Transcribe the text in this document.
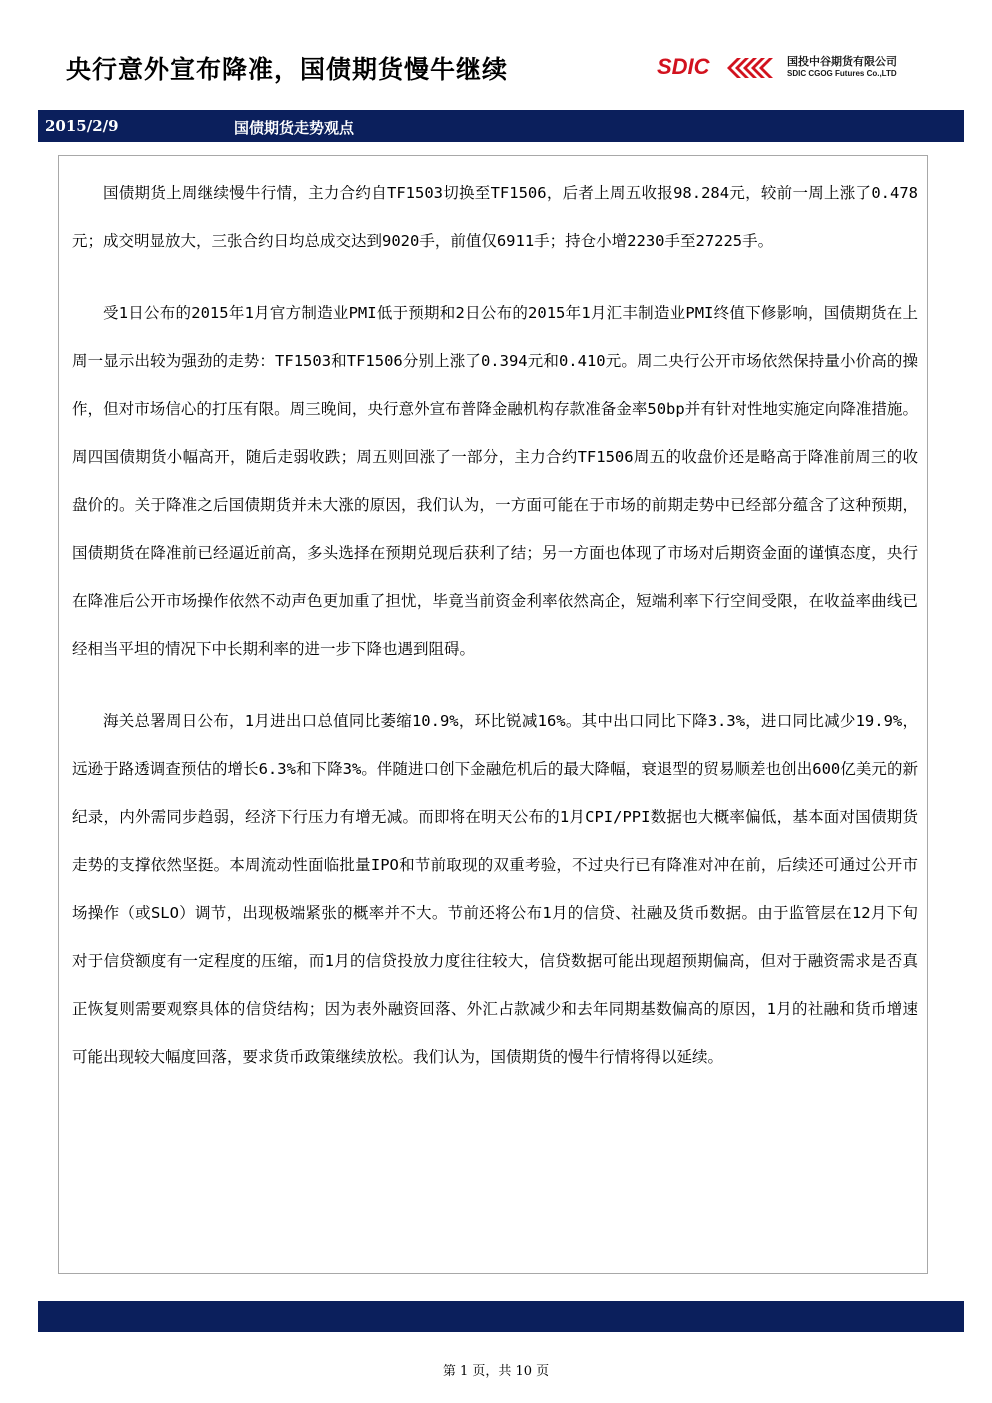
央行意外宣布降准，国债期货慢牛继续	SDIC	国投中谷期货有限公司
SDIC CGOG Futures Co.,LTD
2015/2/9	国债期货走势观点

国债期货上周继续慢牛行情，主力合约自TF1503切换至TF1506，后者上周五收报98.284元，较前一周上涨了0.478元；成交明显放大，三张合约日均总成交达到9020手，前值仅6911手；持仓小增2230手至27225手。

受1日公布的2015年1月官方制造业PMI低于预期和2日公布的2015年1月汇丰制造业PMI终值下修影响，国债期货在上周一显示出较为强劲的走势：TF1503和TF1506分别上涨了0.394元和0.410元。周二央行公开市场依然保持量小价高的操作，但对市场信心的打压有限。周三晚间，央行意外宣布普降金融机构存款准备金率50bp并有针对性地实施定向降准措施。周四国债期货小幅高开，随后走弱收跌；周五则回涨了一部分，主力合约TF1506周五的收盘价还是略高于降准前周三的收盘价的。关于降准之后国债期货并未大涨的原因，我们认为，一方面可能在于市场的前期走势中已经部分蕴含了这种预期，国债期货在降准前已经逼近前高，多头选择在预期兑现后获利了结；另一方面也体现了市场对后期资金面的谨慎态度，央行在降准后公开市场操作依然不动声色更加重了担忧，毕竟当前资金利率依然高企，短端利率下行空间受限，在收益率曲线已经相当平坦的情况下中长期利率的进一步下降也遇到阻碍。

海关总署周日公布，1月进出口总值同比萎缩10.9%，环比锐减16%。其中出口同比下降3.3%，进口同比减少19.9%，远逊于路透调查预估的增长6.3%和下降3%。伴随进口创下金融危机后的最大降幅，衰退型的贸易顺差也创出600亿美元的新纪录，内外需同步趋弱，经济下行压力有增无减。而即将在明天公布的1月CPI/PPI数据也大概率偏低，基本面对国债期货走势的支撑依然坚挺。本周流动性面临批量IPO和节前取现的双重考验，不过央行已有降准对冲在前，后续还可通过公开市场操作（或SLO）调节，出现极端紧张的概率并不大。节前还将公布1月的信贷、社融及货币数据。由于监管层在12月下旬对于信贷额度有一定程度的压缩，而1月的信贷投放力度往往较大，信贷数据可能出现超预期偏高，但对于融资需求是否真正恢复则需要观察具体的信贷结构；因为表外融资回落、外汇占款减少和去年同期基数偏高的原因，1月的社融和货币增速可能出现较大幅度回落，要求货币政策继续放松。我们认为，国债期货的慢牛行情将得以延续。

第 1 页，共 10 页
